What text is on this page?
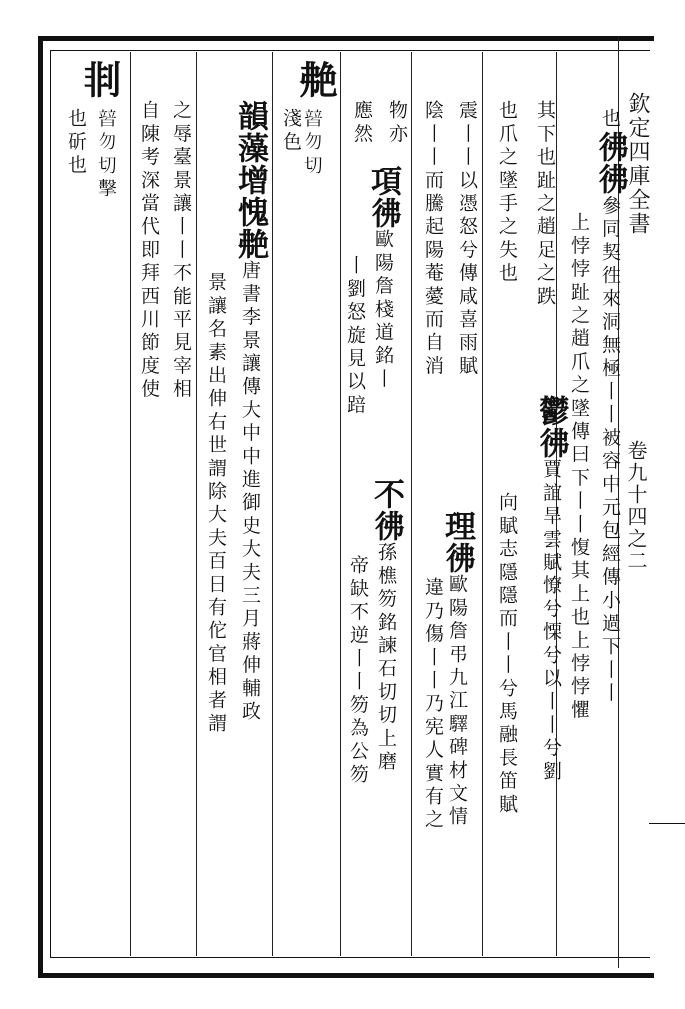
欽定四庫全書
卷九十四之二
也彿彿參同契徃來洞無極丨丨被容中元包經傳小過下丨丨
上悖悖趾之趙爪之墜傳曰下丨丨愎其上也上悖悖懼
其下也趾之趙足之跌
鬱彿賈誼旱雲賦憭兮慄兮以丨丨兮劉
也爪之墜手之失也
向賦志隱隱而丨丨兮馬融長笛賦
震丨丨以憑怒兮傳咸喜雨賦
理彿歐陽詹弔九江驛碑材文情
陰丨丨而騰起陽菴薆而自消
違乃傷丨丨乃宪人實有之
物亦
項彿歐陽詹棧道銘丨
應然
丨劉怒旋見以踣
不彿孫樵笏銘諫石切切上磨
帝缺不逆丨丨笏為公笏
艴
𤾕勿切
淺色
韻藻增愧艴唐書李景讓傳大中中進御史大夫三月蔣伸輔政
景讓名素出伸右世謂除大夫百日有佗官相者謂
之辱臺景讓丨丨不能平見宰相
自陳考深當代即拜西川節度使
剕
𤾕勿切擊
也斫也
